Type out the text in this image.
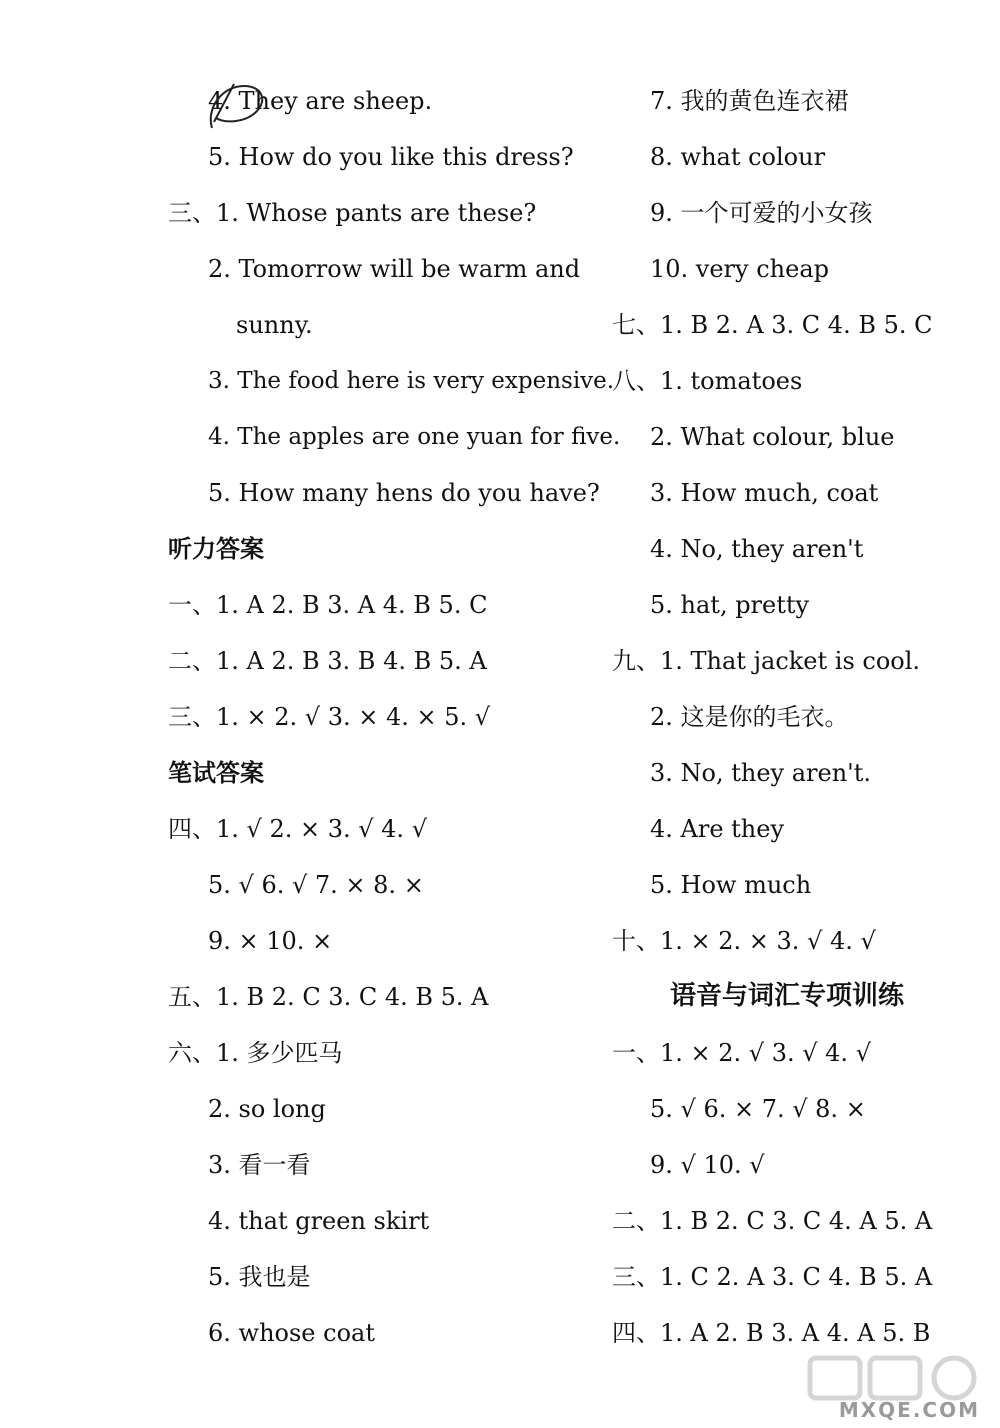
4. They are sheep.
5. How do you like this dress?
三、1. Whose pants are these?
2. Tomorrow will be warm and
sunny.
3. The food here is very expensive.
4. The apples are one yuan for five.
5. How many hens do you have?
听力答案
一、1. A 2. B 3. A 4. B 5. C
二、1. A 2. B 3. B 4. B 5. A
三、1. × 2. √ 3. × 4. × 5. √
笔试答案
四、1. √ 2. × 3. √ 4. √
5. √ 6. √ 7. × 8. ×
9. × 10. ×
五、1. B 2. C 3. C 4. B 5. A
六、1. 多少匹马
2. so long
3. 看一看
4. that green skirt
5. 我也是
6. whose coat
7. 我的黄色连衣裙
8. what colour
9. 一个可爱的小女孩
10. very cheap
七、1. B 2. A 3. C 4. B 5. C
八、1. tomatoes
2. What colour, blue
3. How much, coat
4. No, they aren't
5. hat, pretty
九、1. That jacket is cool.
2. 这是你的毛衣。
3. No, they aren't.
4. Are they
5. How much
十、1. × 2. × 3. √ 4. √
语音与词汇专项训练
一、1. × 2. √ 3. √ 4. √
5. √ 6. × 7. √ 8. ×
9. √ 10. √
二、1. B 2. C 3. C 4. A 5. A
三、1. C 2. A 3. C 4. B 5. A
四、1. A 2. B 3. A 4. A 5. B
MXQE.COM
